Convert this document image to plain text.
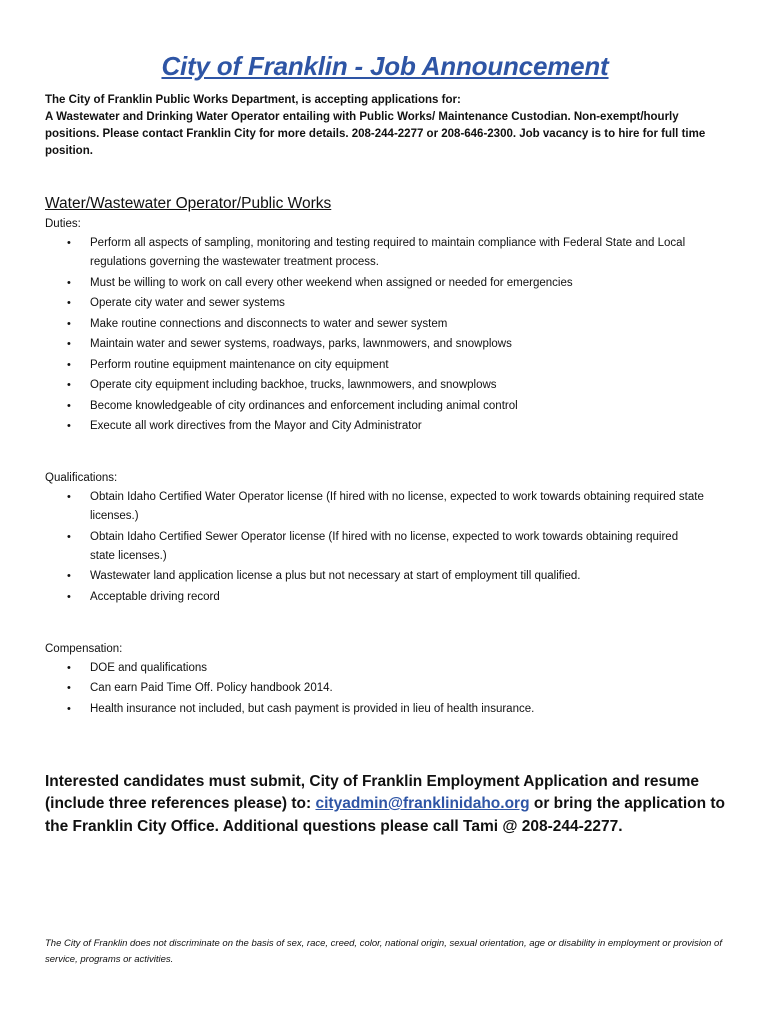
City of Franklin - Job Announcement

The City of Franklin Public Works Department, is accepting applications for:

A Wastewater and Drinking Water Operator entailing with Public Works/ Maintenance Custodian. Non-exempt/hourly positions. Please contact Franklin City for more details. 208-244-2277 or 208-646-2300. Job vacancy is to hire for full time position.

Water/Wastewater Operator/Public Works
Duties:
• Perform all aspects of sampling, monitoring and testing required to maintain compliance with Federal State and Local regulations governing the wastewater treatment process.
• Must be willing to work on call every other weekend when assigned or needed for emergencies
• Operate city water and sewer systems
• Make routine connections and disconnects to water and sewer system
• Maintain water and sewer systems, roadways, parks, lawnmowers, and snowplows
• Perform routine equipment maintenance on city equipment
• Operate city equipment including backhoe, trucks, lawnmowers, and snowplows
• Become knowledgeable of city ordinances and enforcement including animal control
• Execute all work directives from the Mayor and City Administrator
Qualifications:
• Obtain Idaho Certified Water Operator license (If hired with no license, expected to work towards obtaining required state licenses.)
• Obtain Idaho Certified Sewer Operator license (If hired with no license, expected to work towards obtaining required state licenses.)
• Wastewater land application license a plus but not necessary at start of employment till qualified.
• Acceptable driving record
Compensation:
• DOE and qualifications
• Can earn Paid Time Off. Policy handbook 2014.
• Health insurance not included, but cash payment is provided in lieu of health insurance.
Interested candidates must submit, City of Franklin Employment Application and resume (include three references please) to: cityadmin@franklinidaho.org or bring the application to the Franklin City Office. Additional questions please call Tami @ 208-244-2277.
The City of Franklin does not discriminate on the basis of sex, race, creed, color, national origin, sexual orientation, age or disability in employment or provision of service, programs or activities.
